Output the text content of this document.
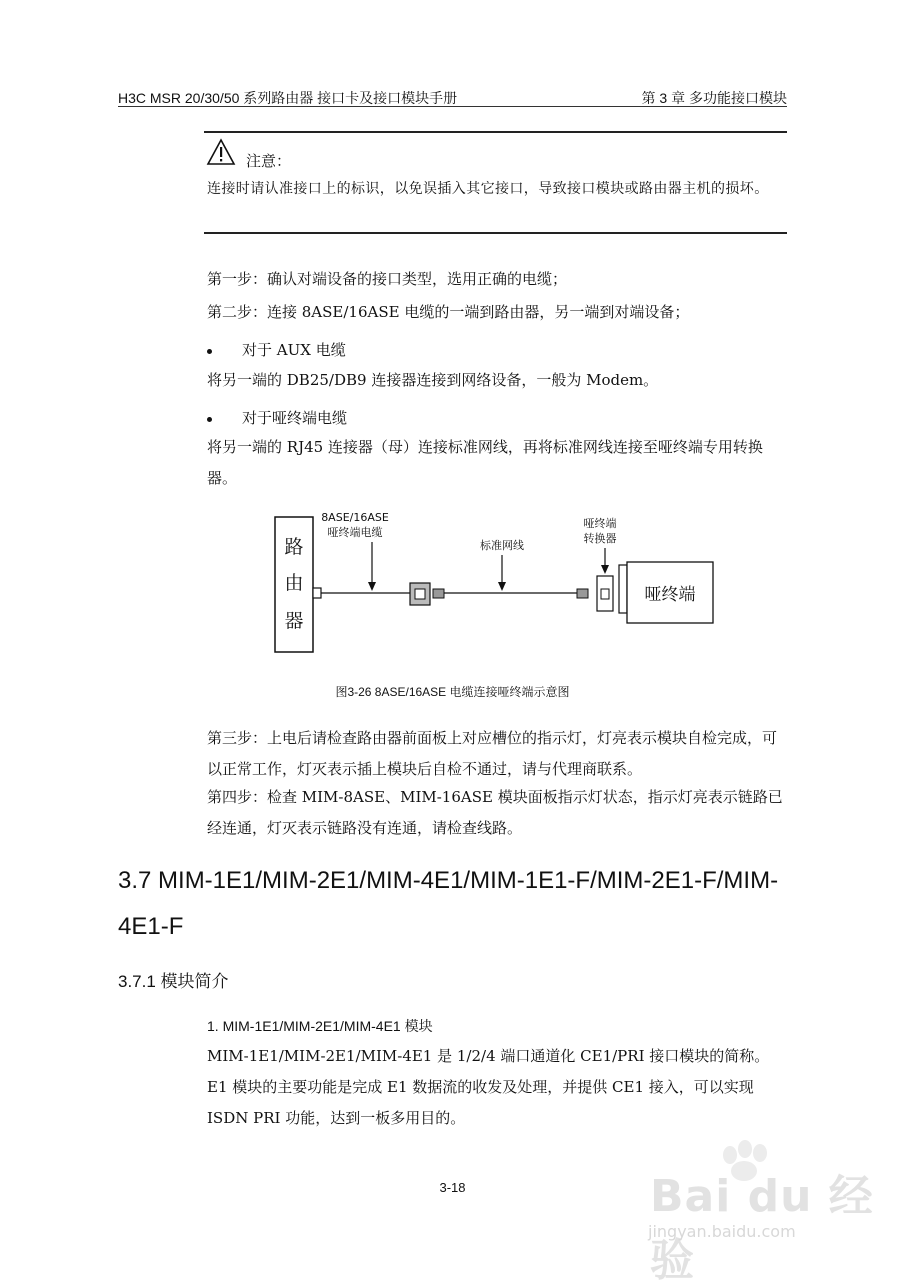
H3C MSR 20/30/50 系列路由器 接口卡及接口模块手册	第 3 章 多功能接口模块
注意：
连接时请认准接口上的标识，以免误插入其它接口，导致接口模块或路由器主机的损坏。
第一步：确认对端设备的接口类型，选用正确的电缆；
第二步：连接 8ASE/16ASE 电缆的一端到路由器，另一端到对端设备；
对于 AUX 电缆
将另一端的 DB25/DB9 连接器连接到网络设备，一般为 Modem。
对于哑终端电缆
将另一端的 RJ45 连接器（母）连接标准网线，再将标准网线连接至哑终端专用转换器。
路
由
器
8ASE/16ASE
哑终端电缆
标准网线
哑终端
转换器
哑终端
图3-26 8ASE/16ASE 电缆连接哑终端示意图
第三步：上电后请检查路由器前面板上对应槽位的指示灯，灯亮表示模块自检完成，可以正常工作，灯灭表示插上模块后自检不通过，请与代理商联系。
第四步：检查 MIM-8ASE、MIM-16ASE 模块面板指示灯状态，指示灯亮表示链路已经连通，灯灭表示链路没有连通，请检查线路。
3.7 MIM-1E1/MIM-2E1/MIM-4E1/MIM-1E1-F/MIM-2E1-F/MIM-4E1-F
3.7.1 模块简介
1. MIM-1E1/MIM-2E1/MIM-4E1 模块
MIM-1E1/MIM-2E1/MIM-4E1 是 1/2/4 端口通道化 CE1/PRI 接口模块的简称。E1 模块的主要功能是完成 E1 数据流的收发及处理，并提供 CE1 接入，可以实现 ISDN PRI 功能，达到一板多用目的。
3-18	Bai du 经验
jingyan.baidu.com
